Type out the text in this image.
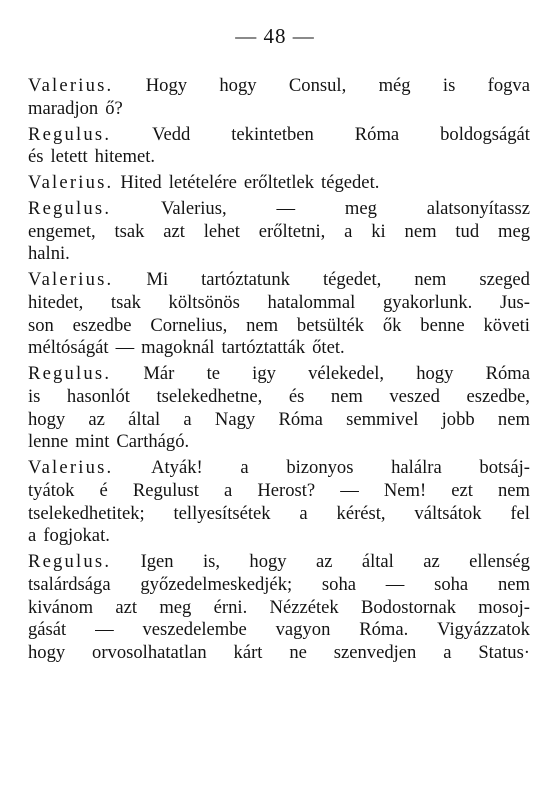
— 48 —
Valerius. Hogy hogy Consul, még is fogva
maradjon ő?
Regulus. Vedd tekintetben Róma boldogságát
és letett hitemet.
Valerius. Hited letételére erőltetlek tégedet.
Regulus.	Valerius,	—	meg	alatsonyítassz
engemet, tsak azt lehet erőltetni, a ki nem tud meg
halni.
Valerius. Mi tartóztatunk tégedet, nem szeged
hitedet, tsak költsönös hatalommal gyakorlunk. Jus-
son eszedbe Cornelius, nem betsülték ők benne követi
méltóságát — magoknál tartóztatták őtet.
Regulus. Már te igy vélekedel, hogy Róma
is hasonlót tselekedhetne, és nem veszed eszedbe,
hogy az által a Nagy Róma semmivel jobb nem
lenne mint Carthágó.
Valerius. Atyák! a bizonyos halálra botsáj-
tyátok é Regulust a Herost? — Nem! ezt nem
tselekedhetitek; tellyesítsétek a kérést, váltsátok fel
a fogjokat.
Regulus. Igen is, hogy az által az ellenség
tsalárdsága győzedelmeskedjék; soha — soha nem
kivánom azt meg érni. Nézzétek Bodostornak mosoj-
gását — veszedelembe vagyon Róma. Vigyázzatok
hogy orvosolhatatlan kárt ne szenvedjen a Status·
